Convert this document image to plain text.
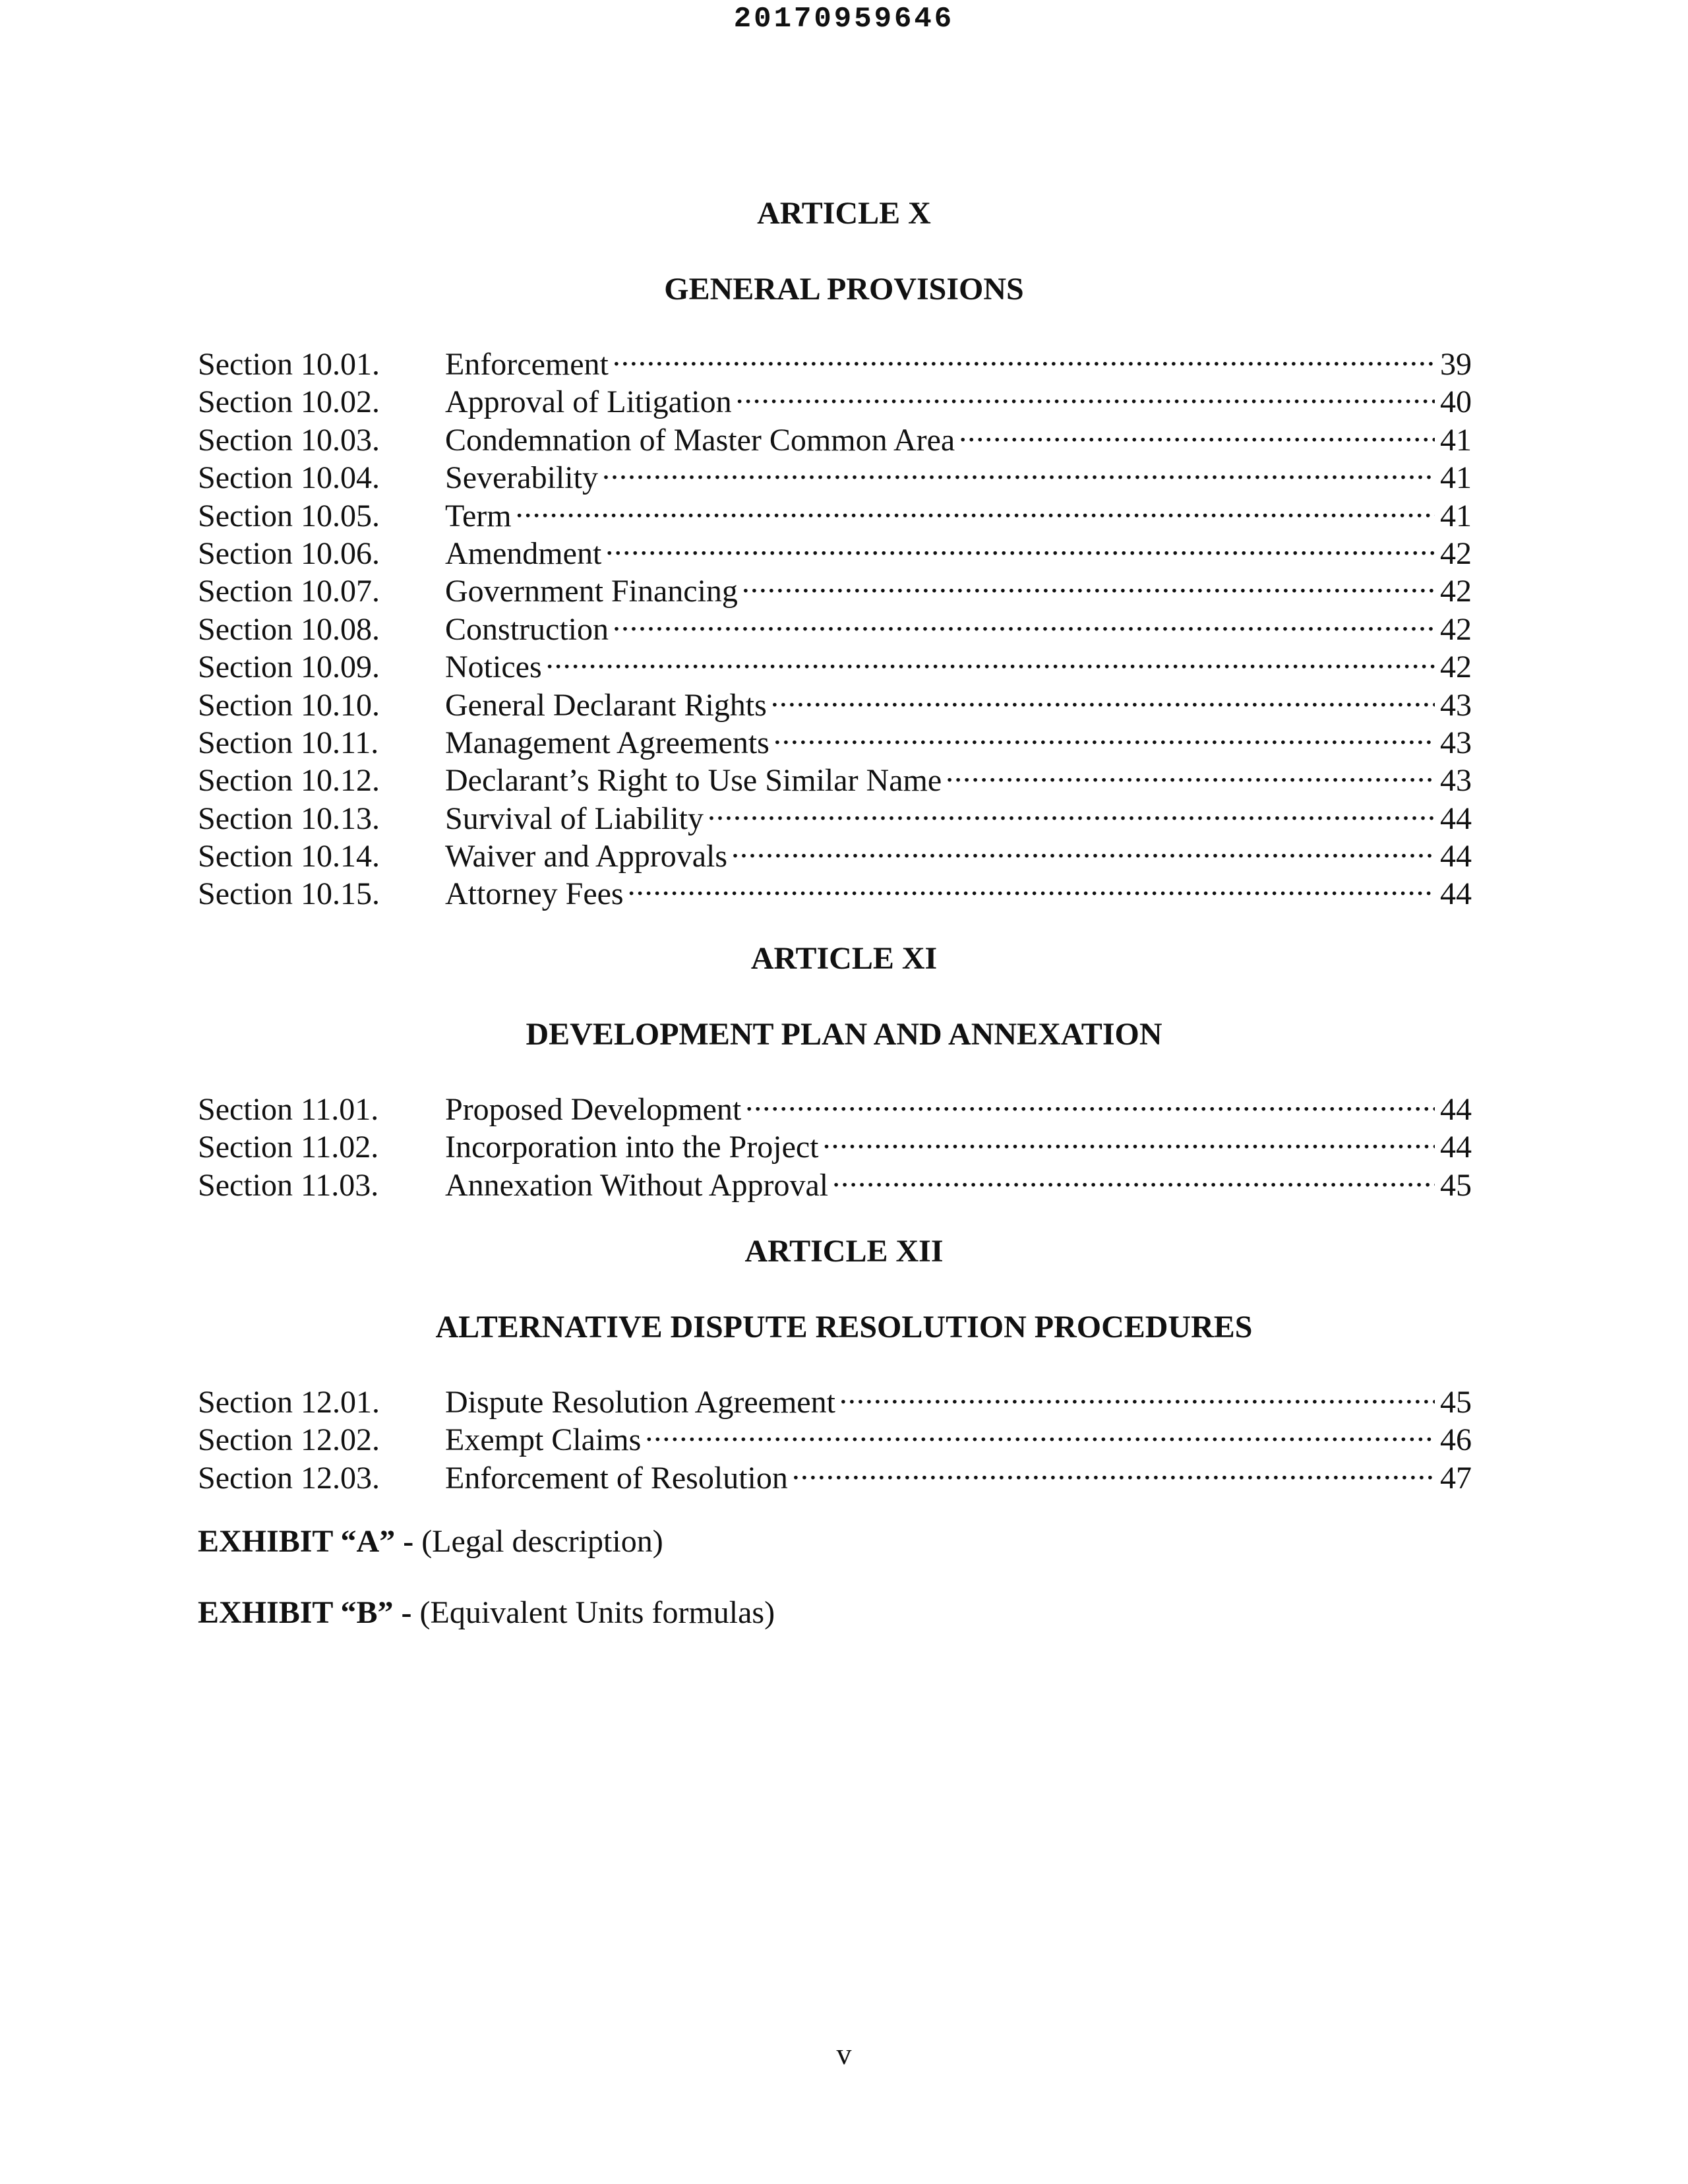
20170959646
ARTICLE X
GENERAL PROVISIONS
Section 10.01.	Enforcement .....	39
Section 10.02.	Approval of Litigation .....	40
Section 10.03.	Condemnation of Master Common Area .....	41
Section 10.04.	Severability .....	41
Section 10.05.	Term .....	41
Section 10.06.	Amendment .....	42
Section 10.07.	Government Financing .....	42
Section 10.08.	Construction .....	42
Section 10.09.	Notices .....	42
Section 10.10.	General Declarant Rights .....	43
Section 10.11.	Management Agreements .....	43
Section 10.12.	Declarant’s Right to Use Similar Name .....	43
Section 10.13.	Survival of Liability .....	44
Section 10.14.	Waiver and Approvals .....	44
Section 10.15.	Attorney Fees .....	44
ARTICLE XI
DEVELOPMENT PLAN AND ANNEXATION
Section 11.01.	Proposed Development .....	44
Section 11.02.	Incorporation into the Project .....	44
Section 11.03.	Annexation Without Approval .....	45
ARTICLE XII
ALTERNATIVE DISPUTE RESOLUTION PROCEDURES
Section 12.01.	Dispute Resolution Agreement .....	45
Section 12.02.	Exempt Claims .....	46
Section 12.03.	Enforcement of Resolution .....	47
EXHIBIT “A” - (Legal description)
EXHIBIT “B” - (Equivalent Units formulas)
v
